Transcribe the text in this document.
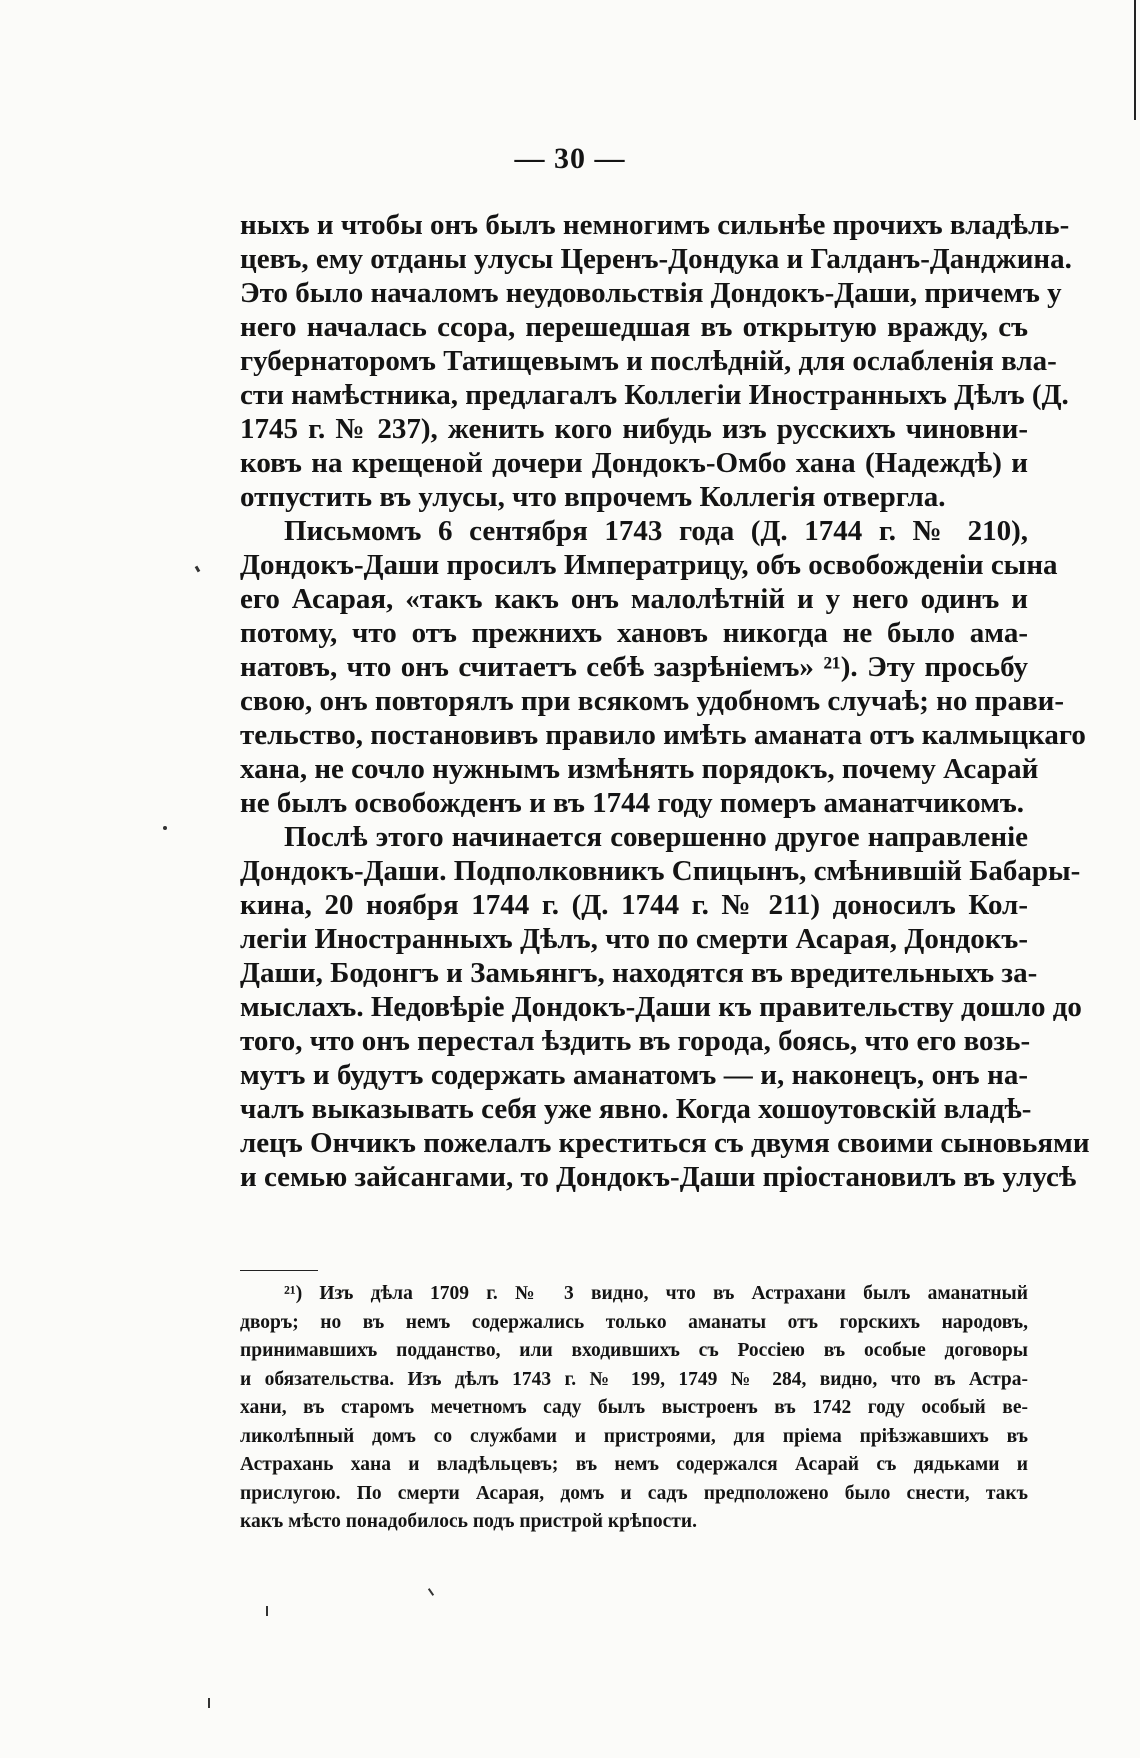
— 30 —
ныхъ и чтобы онъ былъ немногимъ сильнѣе прочихъ владѣль-
цевъ, ему отданы улусы Церенъ-Дондука и Галданъ-Данджина.
Это было началомъ неудовольствія Дондокъ-Даши, причемъ у
него началась ссора, перешедшая въ открытую вражду, съ
губернаторомъ Татищевымъ и послѣдній, для ослабленія вла-
сти намѣстника, предлагалъ Коллегіи Иностранныхъ Дѣлъ (Д.
1745 г. № 237), женить кого нибудь изъ русскихъ чиновни-
ковъ на крещеной дочери Дондокъ-Омбо хана (Надеждѣ) и
отпустить въ улусы, что впрочемъ Коллегія отвергла.
Письмомъ 6 сентября 1743 года (Д. 1744 г. № 210),
Дондокъ-Даши просилъ Императрицу, объ освобожденіи сына
его Асарая, «такъ какъ онъ малолѣтній и у него одинъ и
потому, что отъ прежнихъ хановъ никогда не было ама-
натовъ, что онъ считаетъ себѣ зазрѣніемъ» ²¹). Эту просьбу
свою, онъ повторялъ при всякомъ удобномъ случаѣ; но прави-
тельство, постановивъ правило имѣть аманата отъ калмыцкаго
хана, не сочло нужнымъ измѣнять порядокъ, почему Асарай
не былъ освобожденъ и въ 1744 году померъ аманатчикомъ.
Послѣ этого начинается совершенно другое направленіе
Дондокъ-Даши. Подполковникъ Спицынъ, смѣнившій Бабары-
кина, 20 ноября 1744 г. (Д. 1744 г. № 211) доносилъ Кол-
легіи Иностранныхъ Дѣлъ, что по смерти Асарая, Дондокъ-
Даши, Бодонгъ и Замьянгъ, находятся въ вредительныхъ за-
мыслахъ. Недовѣріе Дондокъ-Даши къ правительству дошло до
того, что онъ перестал ѣздить въ города, боясь, что его возь-
мутъ и будутъ содержать аманатомъ — и, наконецъ, онъ на-
чалъ выказывать себя уже явно. Когда хошоутовскій владѣ-
лецъ Ончикъ пожелалъ креститься съ двумя своими сыновьями
и семью зайсангами, то Дондокъ-Даши пріостановилъ въ улусѣ
²¹) Изъ дѣла 1709 г. № 3 видно, что въ Астрахани былъ аманатный
дворъ; но въ немъ содержались только аманаты отъ горскихъ народовъ,
принимавшихъ подданство, или входившихъ съ Россіею въ особые договоры
и обязательства. Изъ дѣлъ 1743 г. № 199, 1749 № 284, видно, что въ Астра-
хани, въ старомъ мечетномъ саду былъ выстроенъ въ 1742 году особый ве-
ликолѣпный домъ со службами и пристроями, для пріема пріѣзжавшихъ въ
Астрахань хана и владѣльцевъ; въ немъ содержался Асарай съ дядьками и
прислугою. По смерти Асарая, домъ и садъ предположено было снести, такъ
какъ мѣсто понадобилось подъ пристрой крѣпости.
